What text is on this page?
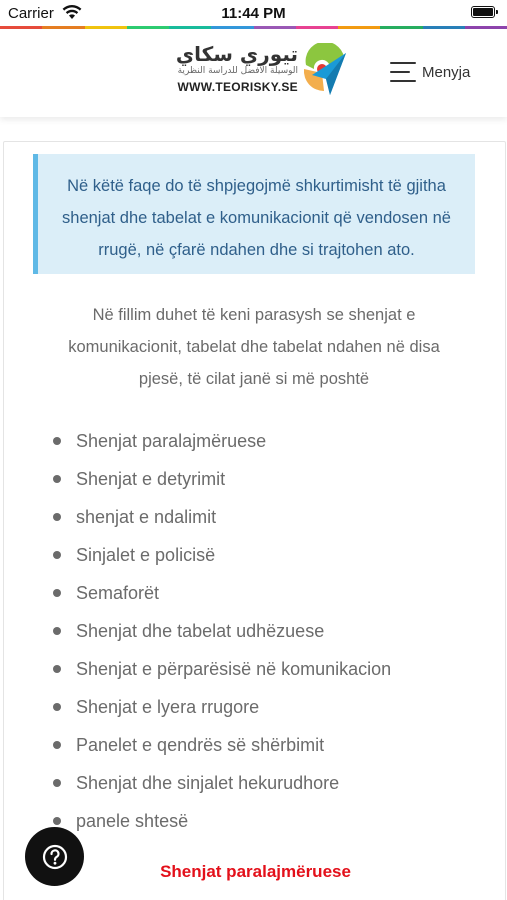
Carrier	11:44 PM
تيوري سكاي
الوسيلة الافضل للدراسة النظرية
WWW.TEORISKY.SE
Menyja

Në këtë faqe do të shpjegojmë shkurtimisht të gjitha shenjat dhe tabelat e komunikacionit që vendosen në rrugë, në çfarë ndahen dhe si trajtohen ato.

Në fillim duhet të keni parasysh se shenjat e komunikacionit, tabelat dhe tabelat ndahen në disa pjesë, të cilat janë si më poshtë

Shenjat paralajmëruese
Shenjat e detyrimit
shenjat e ndalimit
Sinjalet e policisë
Semaforët
Shenjat dhe tabelat udhëzuese
Shenjat e përparësisë në komunikacion
Shenjat e lyera rrugore
Panelet e qendrës së shërbimit
Shenjat dhe sinjalet hekurudhore
panele shtesë
Shenjat paralajmëruese
